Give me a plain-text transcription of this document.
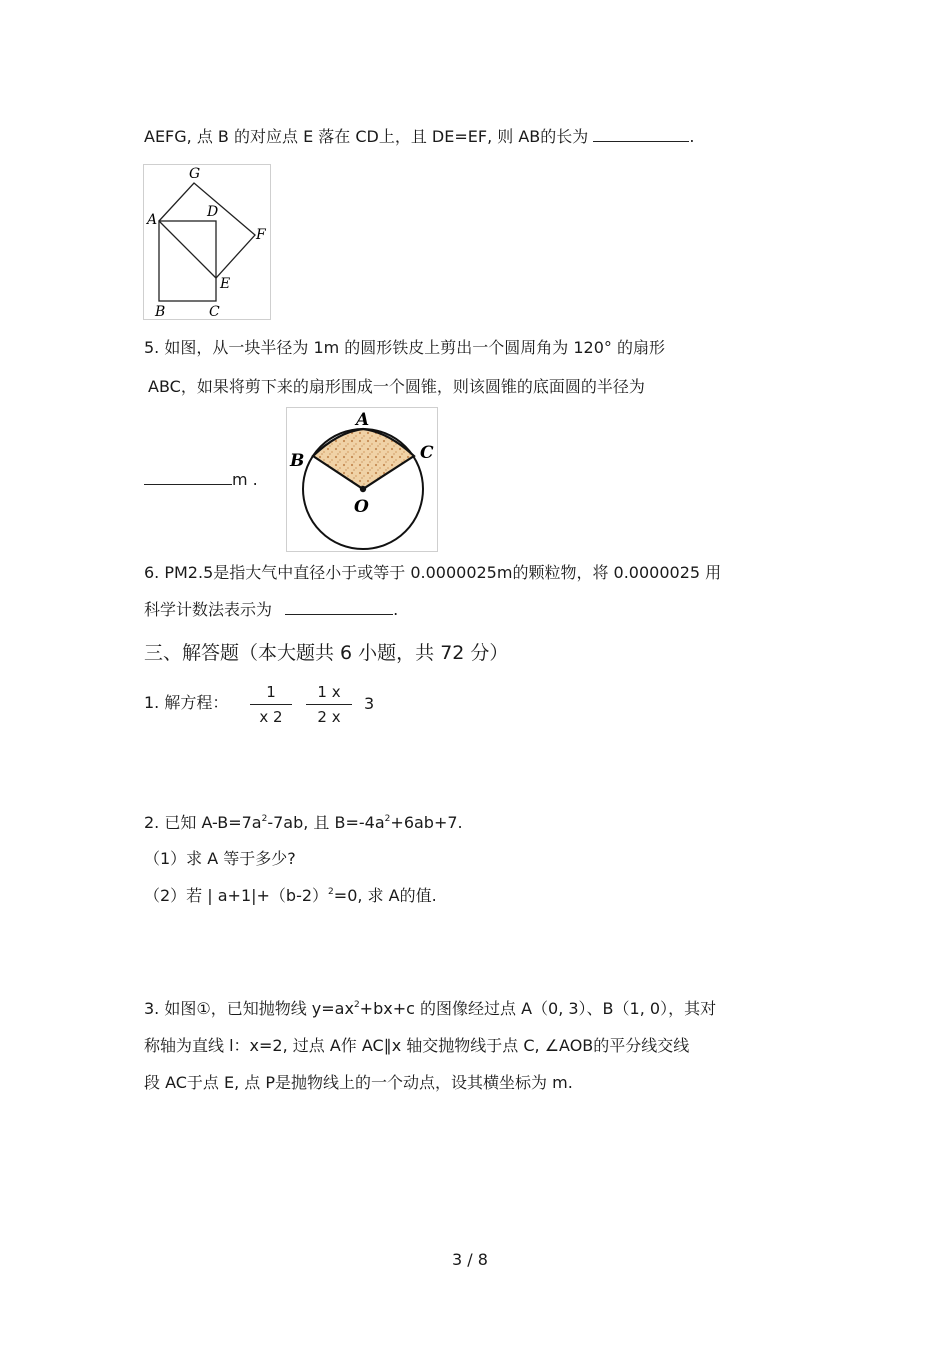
AEFG, 点 B 的对应点 E 落在 CD上，且 DE=EF, 则 AB的长为	.
G
A	D
F
E
B	C
5. 如图，从一块半径为 1m 的圆形铁皮上剪出一个圆周角为 120° 的扇形
ABC，如果将剪下来的扇形围成一个圆锥，则该圆锥的底面圆的半径为
m .
A
B	C
O
6. PM2.5是指大气中直径小于或等于 0.0000025m的颗粒物，将 0.0000025 用
科学计数法表示为	.
三、解答题（本大题共 6 小题，共 72 分）
1. 解方程：
1
x 2
1 x
2 x
3
2. 已知 $A-B=7a^2-7ab$, 且 $B=-4a^2+6ab+7$.
（1）求 A 等于多少?
（2）若 | $a+1|+(b-2)^2=0$, 求 A的值.
3. 如图①，已知抛物线 $y=ax^2+bx+c$ 的图像经过点 A（0, 3）、B（1, 0），其对
称轴为直线 l：x=2, 过点 A作 AC∥x 轴交抛物线于点 C, ∠AOB的平分线交线
段 AC于点 E, 点 P是抛物线上的一个动点，设其横坐标为 m.
3 / 8
